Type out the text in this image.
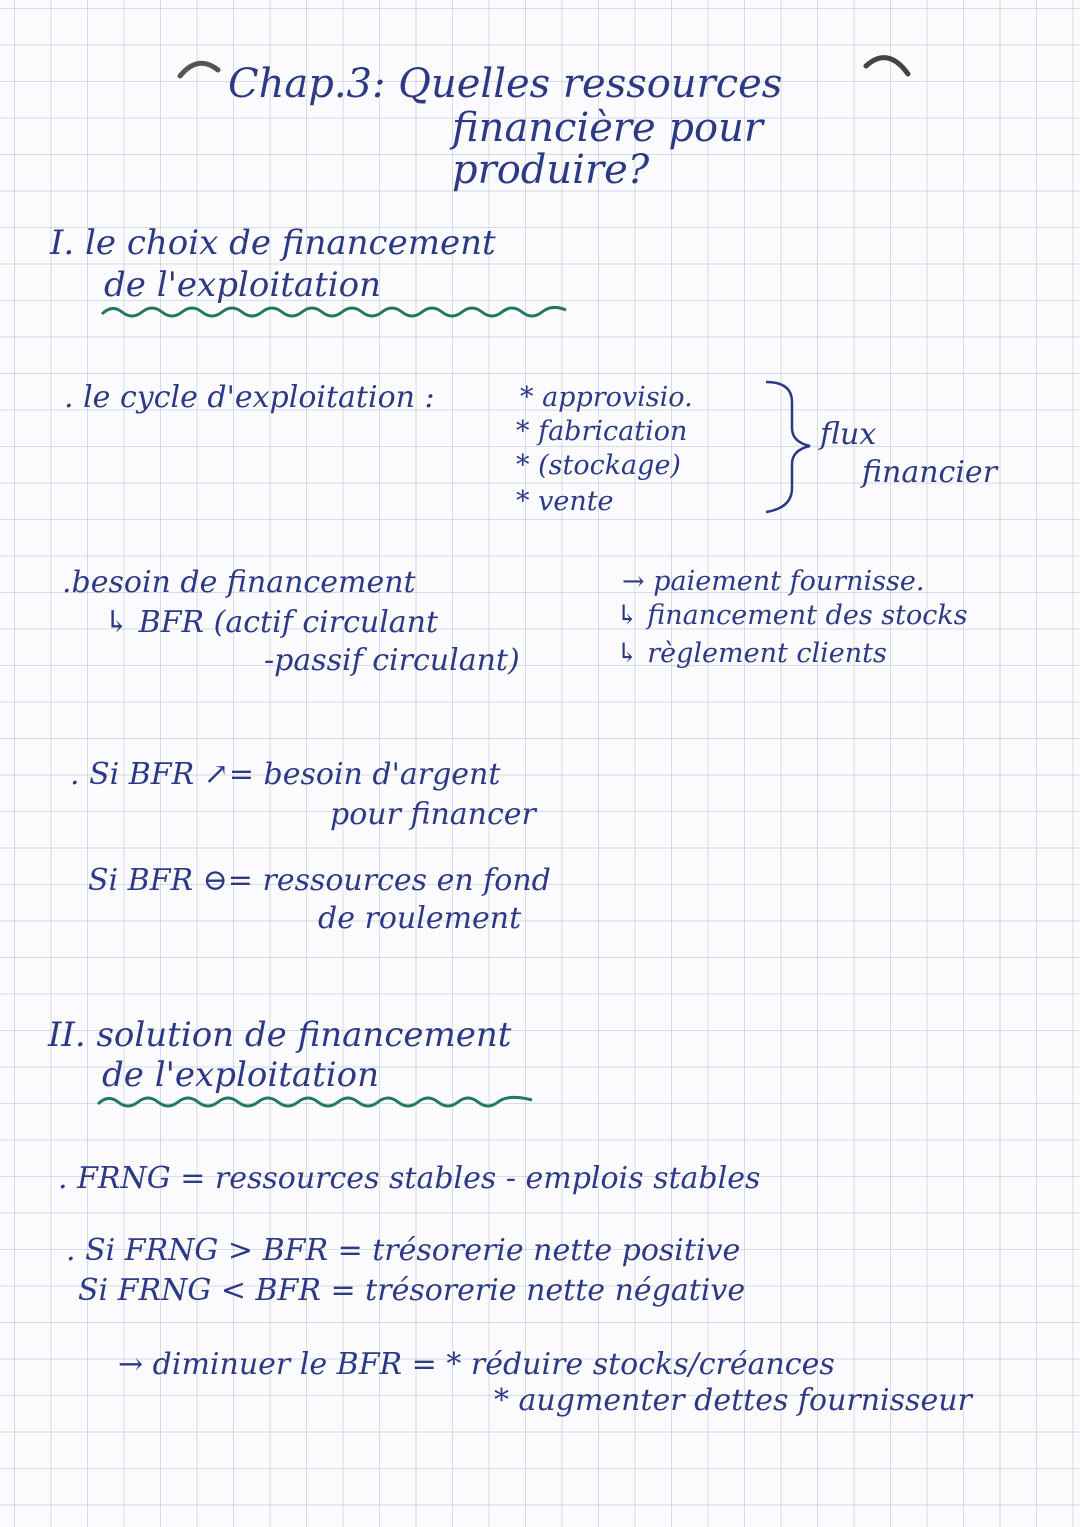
Chap.3: Quelles ressources
financière pour
produire?
I. le choix de financement
de l'exploitation
. le cycle d'exploitation :	* approvisio.
* fabrication
* (stockage)
* vente
flux
financier
.besoin de financement
↳ BFR (actif circulant
-passif circulant)
→ paiement fournisse.
↳ financement des stocks
↳ règlement clients
. Si BFR ↗= besoin d'argent
pour financer
Si BFR ⊖= ressources en fond
de roulement
II. solution de financement
de l'exploitation
. FRNG = ressources stables - emplois stables
. Si FRNG > BFR = trésorerie nette positive
Si FRNG < BFR = trésorerie nette négative
→ diminuer le BFR = * réduire stocks/créances
* augmenter dettes fournisseur
